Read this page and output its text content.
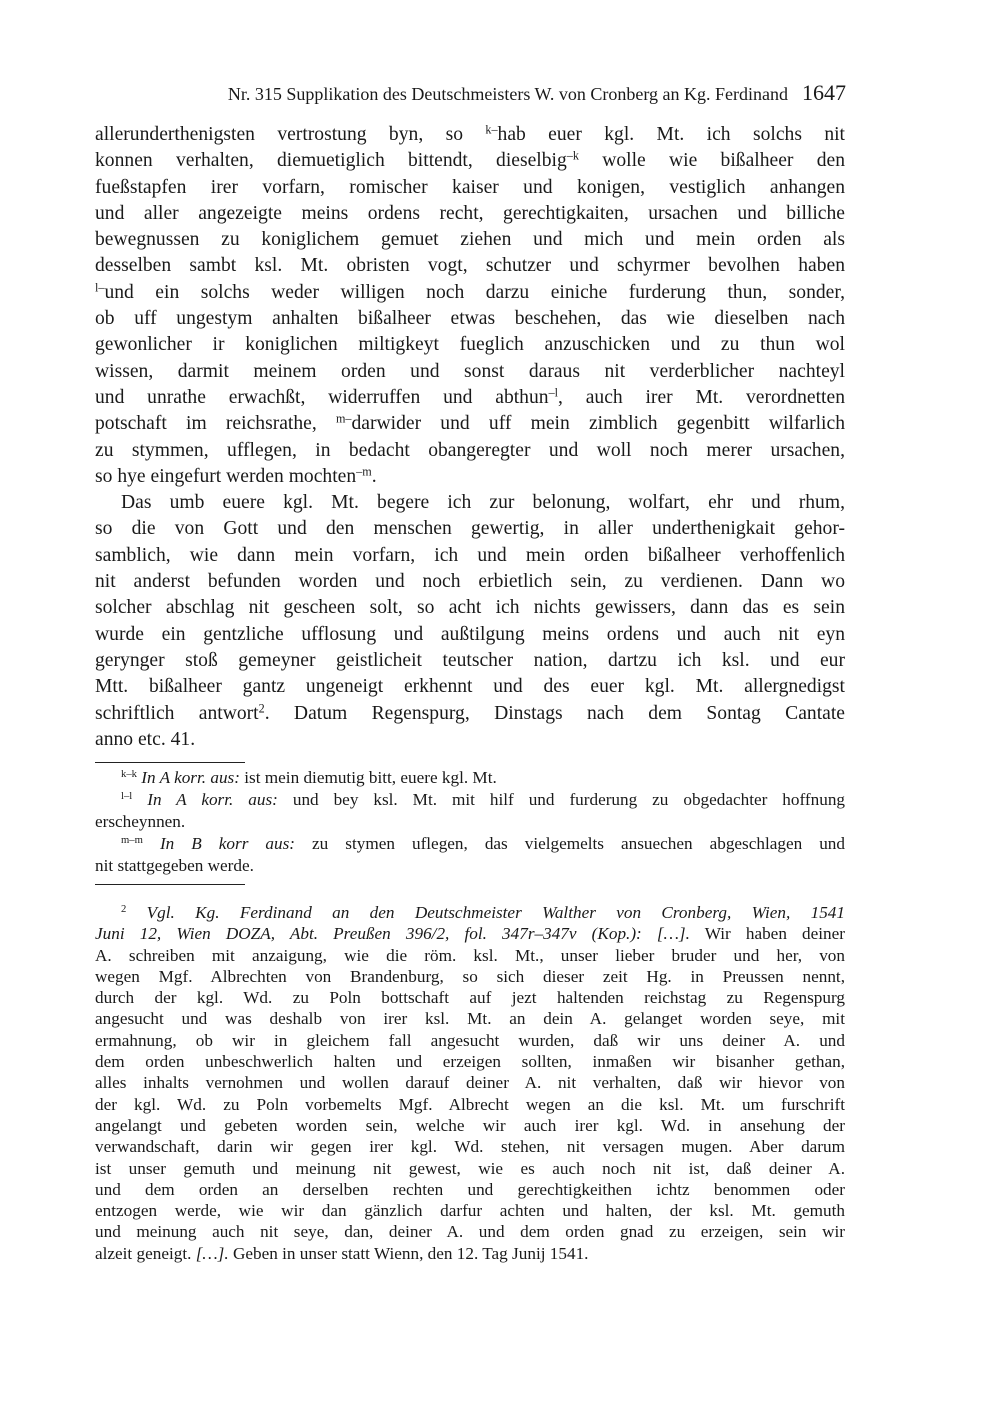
Nr. 315 Supplikation des Deutschmeisters W. von Cronberg an Kg. Ferdinand 1647
allerunderthenigsten vertrostung byn, so $^{k-}$hab euer kgl. Mt. ich solchs nit
konnen verhalten, diemuetiglich bittendt, dieselbig$^{-k}$ wolle wie bißalheer den
fueßstapfen irer vorfarn, romischer kaiser und konigen, vestiglich anhangen
und aller angezeigte meins ordens recht, gerechtigkaiten, ursachen und billiche
bewegnussen zu koniglichem gemuet ziehen und mich und mein orden als
desselben sambt ksl. Mt. obristen vogt, schutzer und schyrmer bevolhen haben
$^{l-}$und ein solchs weder willigen noch darzu einiche furderung thun, sonder,
ob uff ungestym anhalten bißalheer etwas beschehen, das wie dieselben nach
gewonlicher ir koniglichen miltigkeyt fueglich anzuschicken und zu thun wol
wissen, darmit meinem orden und sonst daraus nit verderblicher nachteyl
und unrathe erwachßt, widerruffen und abthun$^{-l}$, auch irer Mt. verordnetten
potschaft im reichsrathe, $^{m-}$darwider und uff mein zimblich gegenbitt wilfarlich
zu stymmen, ufflegen, in bedacht obangeregter und woll noch merer ursachen,
so hye eingefurt werden mochten$^{-m}$.
Das umb euere kgl. Mt. begere ich zur belonung, wolfart, ehr und rhum,
so die von Gott und den menschen gewertig, in aller underthenigkait gehor-
samblich, wie dann mein vorfarn, ich und mein orden bißalheer verhoffenlich
nit anderst befunden worden und noch erbietlich sein, zu verdienen. Dann wo
solcher abschlag nit gescheen solt, so acht ich nichts gewissers, dann das es sein
wurde ein gentzliche ufflosung und außtilgung meins ordens und auch nit eyn
gerynger stoß gemeyner geistlicheit teutscher nation, dartzu ich ksl. und eur
Mtt. bißalheer gantz ungeneigt erkhennt und des euer kgl. Mt. allergnedigst
schriftlich antwort$^2$. Datum Regenspurg, Dinstags nach dem Sontag Cantate
anno etc. 41.
$^{k-k}$ In A korr. aus: ist mein diemutig bitt, euere kgl. Mt.
$^{l-l}$ In A korr. aus: und bey ksl. Mt. mit hilf und furderung zu obgedachter hoffnung
erscheynnen.
$^{m-m}$ In B korr aus: zu stymen uflegen, das vielgemelts ansuechen abgeschlagen und
nit stattgegeben werde.
$^2$ Vgl. Kg. Ferdinand an den Deutschmeister Walther von Cronberg, Wien, 1541
Juni 12, Wien DOZA, Abt. Preußen 396/2, fol. 347r–347v (Kop.): […]. Wir haben deiner
A. schreiben mit anzaigung, wie die röm. ksl. Mt., unser lieber bruder und her, von
wegen Mgf. Albrechten von Brandenburg, so sich dieser zeit Hg. in Preussen nennt,
durch der kgl. Wd. zu Poln bottschaft auf jezt haltenden reichstag zu Regenspurg
angesucht und was deshalb von irer ksl. Mt. an dein A. gelanget worden seye, mit
ermahnung, ob wir in gleichem fall angesucht wurden, daß wir uns deiner A. und
dem orden unbeschwerlich halten und erzeigen sollten, inmaßen wir bisanher gethan,
alles inhalts vernohmen und wollen darauf deiner A. nit verhalten, daß wir hievor von
der kgl. Wd. zu Poln vorbemelts Mgf. Albrecht wegen an die ksl. Mt. um furschrift
angelangt und gebeten worden sein, welche wir auch irer kgl. Wd. in ansehung der
verwandschaft, darin wir gegen irer kgl. Wd. stehen, nit versagen mugen. Aber darum
ist unser gemuth und meinung nit gewest, wie es auch noch nit ist, daß deiner A.
und dem orden an derselben rechten und gerechtigkeithen ichtz benommen oder
entzogen werde, wie wir dan gänzlich darfur achten und halten, der ksl. Mt. gemuth
und meinung auch nit seye, dan, deiner A. und dem orden gnad zu erzeigen, sein wir
alzeit geneigt. […]. Geben in unser statt Wienn, den 12. Tag Junij 1541.
